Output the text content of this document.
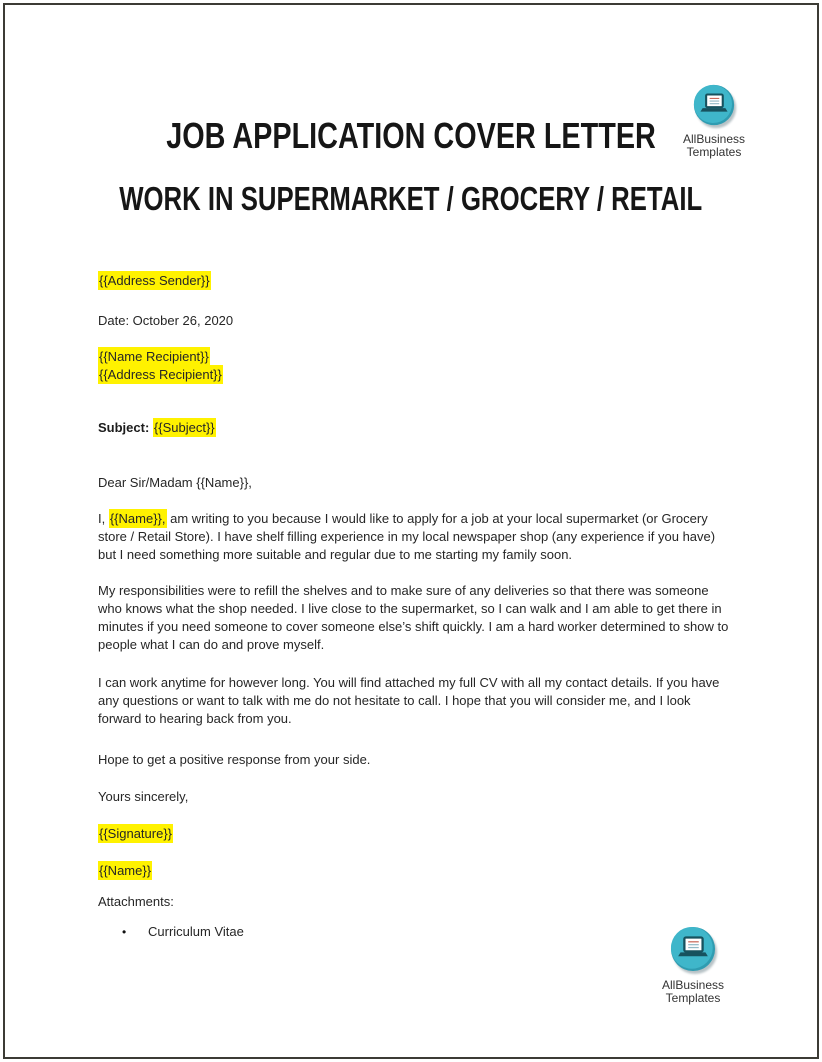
AllBusiness
Templates
JOB APPLICATION COVER LETTER
WORK IN SUPERMARKET / GROCERY / RETAIL

{{Address Sender}}

Date: October 26, 2020

{{Name Recipient}}
{{Address Recipient}}

Subject: {{Subject}}

Dear Sir/Madam {{Name}},

I, {{Name}}, am writing to you because I would like to apply for a job at your local supermarket (or Grocery store / Retail Store). I have shelf filling experience in my local newspaper shop (any experience if you have) but I need something more suitable and regular due to me starting my family soon.

My responsibilities were to refill the shelves and to make sure of any deliveries so that there was someone who knows what the shop needed. I live close to the supermarket, so I can walk and I am able to get there in minutes if you need someone to cover someone else’s shift quickly. I am a hard worker determined to show to people what I can do and prove myself.

I can work anytime for however long. You will find attached my full CV with all my contact details. If you have any questions or want to talk with me do not hesitate to call. I hope that you will consider me, and I look forward to hearing back from you.

Hope to get a positive response from your side.

Yours sincerely,

{{Signature}}

{{Name}}

Attachments:

•	Curriculum Vitae
AllBusiness
Templates
